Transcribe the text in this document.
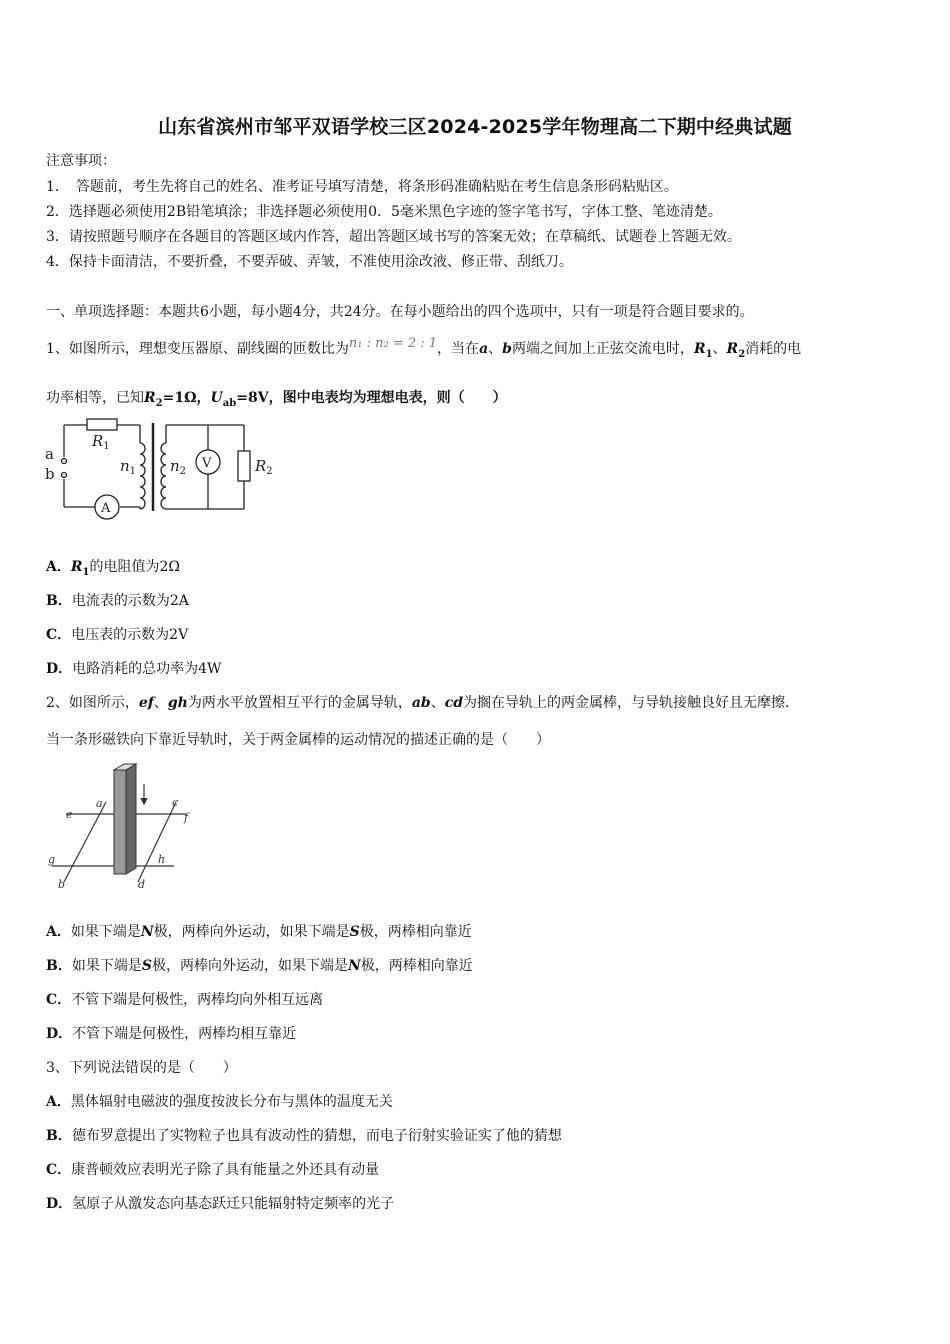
山东省滨州市邹平双语学校三区2024-2025学年物理高二下期中经典试题
注意事项：
1．　答题前，考生先将自己的姓名、准考证号填写清楚，将条形码准确粘贴在考生信息条形码粘贴区。
2．选择题必须使用2B铅笔填涂；非选择题必须使用0．5毫米黑色字迹的签字笔书写，字体工整、笔迹清楚。
3．请按照题号顺序在各题目的答题区域内作答，超出答题区域书写的答案无效；在草稿纸、试题卷上答题无效。
4．保持卡面清洁，不要折叠，不要弄破、弄皱，不准使用涂改液、修正带、刮纸刀。
一、单项选择题：本题共6小题，每小题4分，共24分。在每小题给出的四个选项中，只有一项是符合题目要求的。
1、如图所示，理想变压器原、副线圈的匝数比为n₁ : n₂ = 2 : 1，当在a、b两端之间加上正弦交流电时，$R_1$、$R_2$消耗的电
功率相等，已知$R_2=1\Omega$，$U_{ab}=8V$，图中电表均为理想电表，则（　　）
a
b
$R_1$
$n_1$ $n_2$
V	$R_2$
A
A．$R_1$的电阻值为2Ω
B．电流表的示数为2A
C．电压表的示数为2V
D．电路消耗的总功率为4W
2、如图所示，ef、gh为两水平放置相互平行的金属导轨，ab、cd为搁在导轨上的两金属棒，与导轨接触良好且无摩擦.
当一条形磁铁向下靠近导轨时，关于两金属棒的运动情况的描述正确的是（　　）
a
b
c
d
e	f
g	h
A．如果下端是N极，两棒向外运动，如果下端是S极，两棒相向靠近
B．如果下端是S极，两棒向外运动，如果下端是N极，两棒相向靠近
C．不管下端是何极性，两棒均向外相互远离
D．不管下端是何极性，两棒均相互靠近
3、下列说法错误的是（　　）
A．黑体辐射电磁波的强度按波长分布与黑体的温度无关
B．德布罗意提出了实物粒子也具有波动性的猜想，而电子衍射实验证实了他的猜想
C．康普顿效应表明光子除了具有能量之外还具有动量
D．氢原子从激发态向基态跃迁只能辐射特定频率的光子
